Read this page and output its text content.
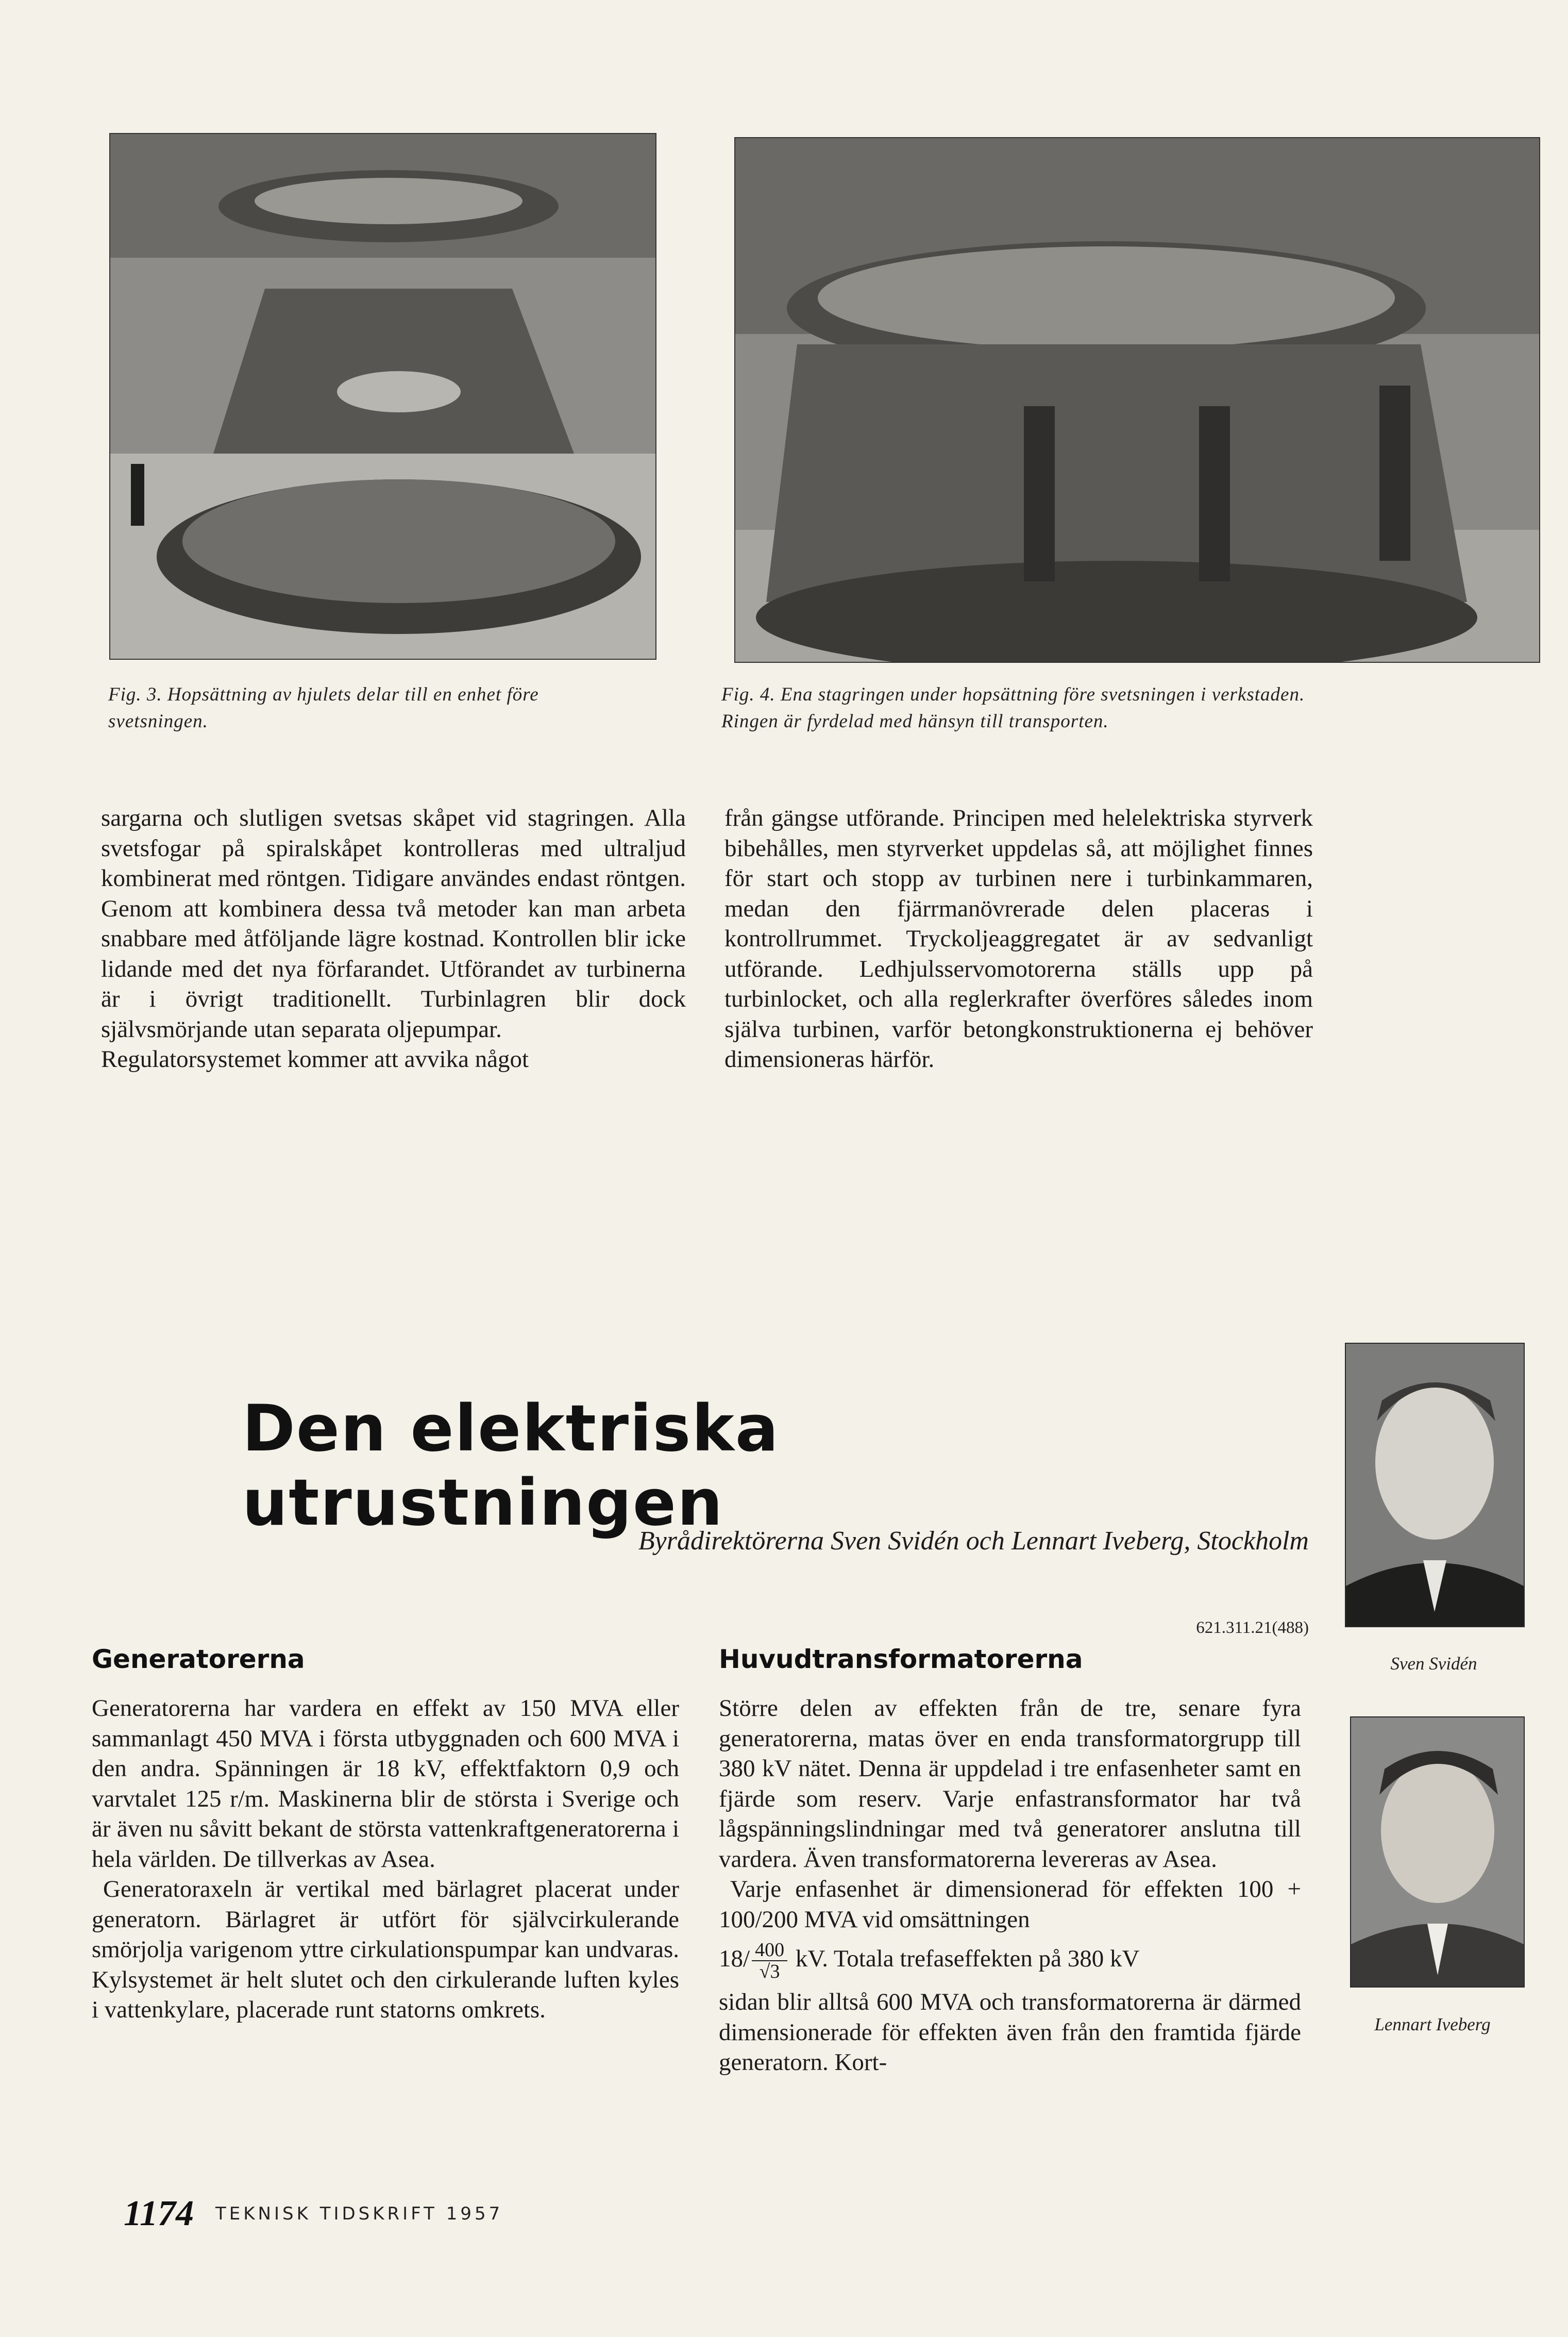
Fig. 3. Hopsättning av hjulets delar till en enhet före
svetsningen.
Fig. 4. Ena stagringen under hopsättning före svetsningen i verkstaden.
Ringen är fyrdelad med hänsyn till transporten.

sargarna och slutligen svetsas skåpet vid stagringen. Alla svetsfogar på spiralskåpet kontrolleras med ultraljud kombinerat med röntgen. Tidigare användes endast röntgen. Genom att kombinera dessa två metoder kan man arbeta snabbare med åtföljande lägre kostnad. Kontrollen blir icke lidande med det nya förfarandet. Utförandet av turbinerna är i övrigt traditionellt. Turbinlagren blir dock självsmörjande utan separata oljepumpar.

Regulatorsystemet kommer att avvika något

från gängse utförande. Principen med helelektriska styrverk bibehålles, men styrverket uppdelas så, att möjlighet finnes för start och stopp av turbinen nere i turbinkammaren, medan den fjärrmanövrerade delen placeras i kontrollrummet. Tryckoljeaggregatet är av sedvanligt utförande. Ledhjulsservomotorerna ställs upp på turbinlocket, och alla reglerkrafter överföres således inom själva turbinen, varför betongkonstruktionerna ej behöver dimensioneras härför.

Den elektriska utrustningen
Byrådirektörerna Sven Svidén och Lennart Iveberg, Stockholm
621.311.21(488)
Generatorerna

Generatorerna har vardera en effekt av 150 MVA eller sammanlagt 450 MVA i första utbyggnaden och 600 MVA i den andra. Spänningen är 18 kV, effektfaktorn 0,9 och varvtalet 125 r/m. Maskinerna blir de största i Sverige och är även nu såvitt bekant de största vattenkraftgeneratorerna i hela världen. De tillverkas av Asea.

Generatoraxeln är vertikal med bärlagret placerat under generatorn. Bärlagret är utfört för självcirkulerande smörjolja varigenom yttre cirkulationspumpar kan undvaras. Kylsystemet är helt slutet och den cirkulerande luften kyles i vattenkylare, placerade runt statorns omkrets.

Huvudtransformatorerna

Större delen av effekten från de tre, senare fyra generatorerna, matas över en enda transformatorgrupp till 380 kV nätet. Denna är uppdelad i tre enfasenheter samt en fjärde som reserv. Varje enfastransformator har två lågspänningslindningar med två generatorer anslutna till vardera. Även transformatorerna levereras av Asea.

Varje enfasenhet är dimensionerad för effekten 100 + 100/200 MVA vid omsättningen

$18/ \frac{400}{√3}$ kV. Totala trefaseffekten på 380 kV

sidan blir alltså 600 MVA och transformatorerna är därmed dimensionerade för effekten även från den framtida fjärde generatorn. Kort-

Sven Svidén
Lennart Iveberg
1174 TEKNISK TIDSKRIFT 1957
